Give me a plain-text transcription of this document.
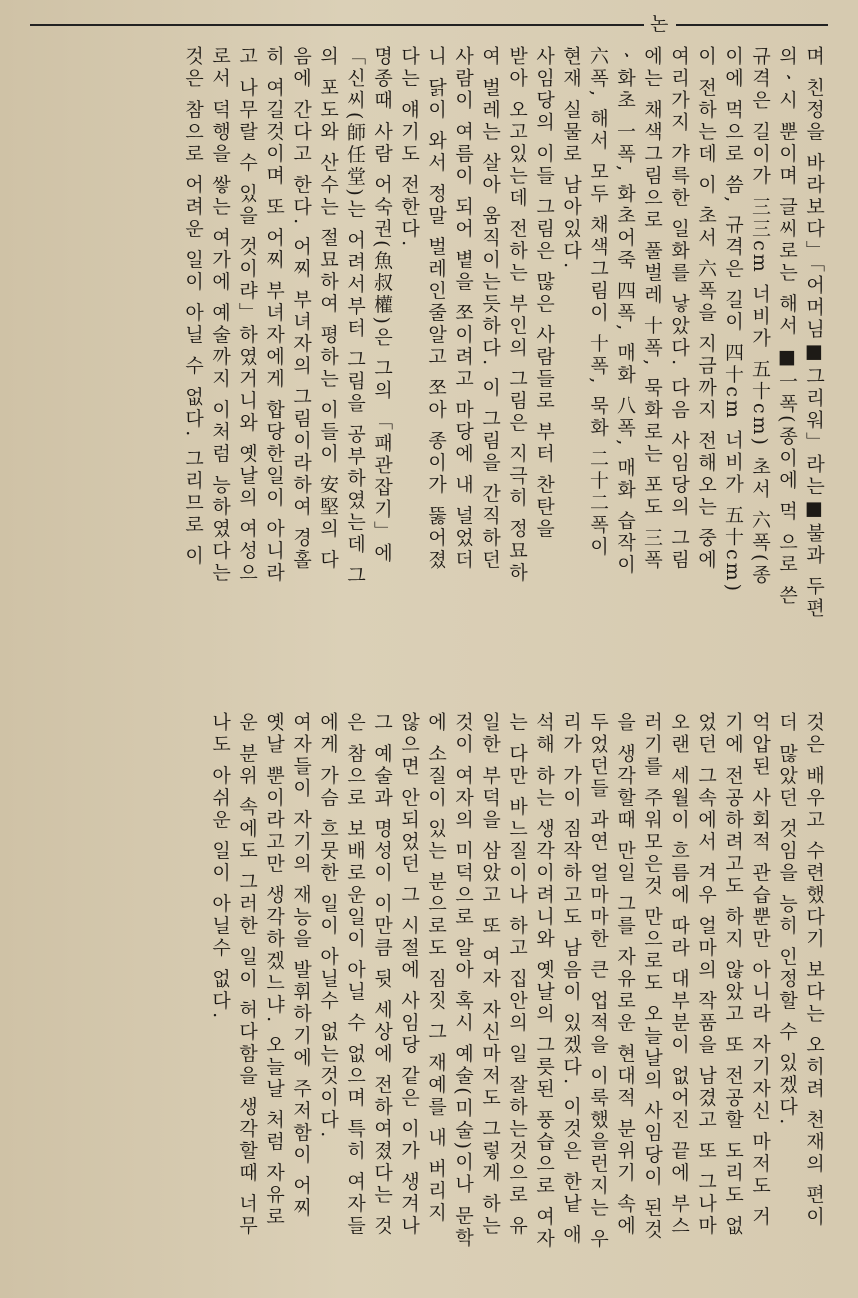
논
며 친정을 바라보다」「어머님■그리워」라는■불과 두편
의ㆍ시 뿐이며 글씨로는 해서 ■一폭(종이에 먹 으로 쓴
규격은 길이가 三三cm 너비가 五十cm) 초서 六폭(종
이에 먹으로 씀, 규격은 길이 四十cm 너비가 五十cm)
이 전하는데 이 초서 六폭을 지금까지 전해오는 중에
여리가지 갸륵한 일화를 낳았다. 다음 사임당의 그림
에는 채색그림으로 풀벌레 十폭, 묵화로는 포도 三폭
ㆍ화초 一폭, 화초어죽 四폭, 매화 八폭, 매화 습작이
六폭, 해서 모두 채색그림이 十폭, 묵화 二十二폭이
현재 실물로 남아있다.
사임당의 이들 그림은 많은 사람들로 부터 찬탄을
받아 오고있는데 전하는 부인의 그림은 지극히 정묘하
여 벌레는 살아 움직이는듯하다. 이 그림을 간직하던
사람이 여름이 되어 볕을 쪼이려고 마당에 내 널었더
니 닭이 와서 정말 벌레인줄알고 쪼아 종이가 뚫어졌
다는 얘기도 전한다.
명종때 사람 어숙권(魚叔權)은 그의 「패관잡기」에
「신씨(師任堂)는 어려서부터 그림을 공부하였는데 그
의 포도와 산수는 절묘하여 평하는 이들이 安堅의 다
음에 간다고 한다. 어찌 부녀자의 그림이라하여 경홀
히 여길것이며 또 어찌 부녀자에게 합당한일이 아니라
고 나무랄 수 있을 것이랴」하였거니와 옛날의 여성으
로서 덕행을 쌓는 여가에 예술까지 이처럼 능하였다는
것은 참으로 어려운 일이 아닐 수 없다. 그리므로 이
것은 배우고 수련했다기 보다는 오히려 천재의 편이
더 많았던 것임을 능히 인정할 수 있겠다.
억압된 사회적 관습뿐만 아니라 자기자신 마저도 거
기에 전공하려고도 하지 않았고 또 전공할 도리도 없
었던 그속에서 겨우 얼마의 작품을 남겼고 또 그나마
오랜 세월이 흐름에 따라 대부분이 없어진 끝에 부스
러기를 주워모은것 만으로도 오늘날의 사임당이 된것
을 생각할때 만일 그를 자유로운 현대적 분위기 속에
두었던들 과연 얼마마한 큰 업적을 이룩했을런지는 우
리가 가이 짐작하고도 남음이 있겠다. 이것은 한낱 애
석해 하는 생각이려니와 옛날의 그릇된 풍습으로 여자
는 다만 바느질이나 하고 집안의 일 잘하는것으로 유
일한 부덕을 삼았고 또 여자 자신마저도 그렇게 하는
것이 여자의 미덕으로 알아 혹시 예술(미술)이나 문학
에 소질이 있는 분으로도 짐짓 그 재예를 내 버리지
않으면 안되었던 그 시절에 사임당 같은 이가 생겨나
그 예술과 명성이 이만큼 뒷 세상에 전하여졌다는 것
은 참으로 보배로운일이 아닐 수 없으며 특히 여자들
에게 가슴 흐뭇한 일이 아닐수 없는것이다.
여자들이 자기의 재능을 발휘하기에 주저함이 어찌
옛날 뿐이라고만 생각하겠느냐. 오늘날 처럼 자유로
운 분위 속에도 그러한 일이 허다함을 생각할때 너무
나도 아쉬운 일이 아닐수 없다.
